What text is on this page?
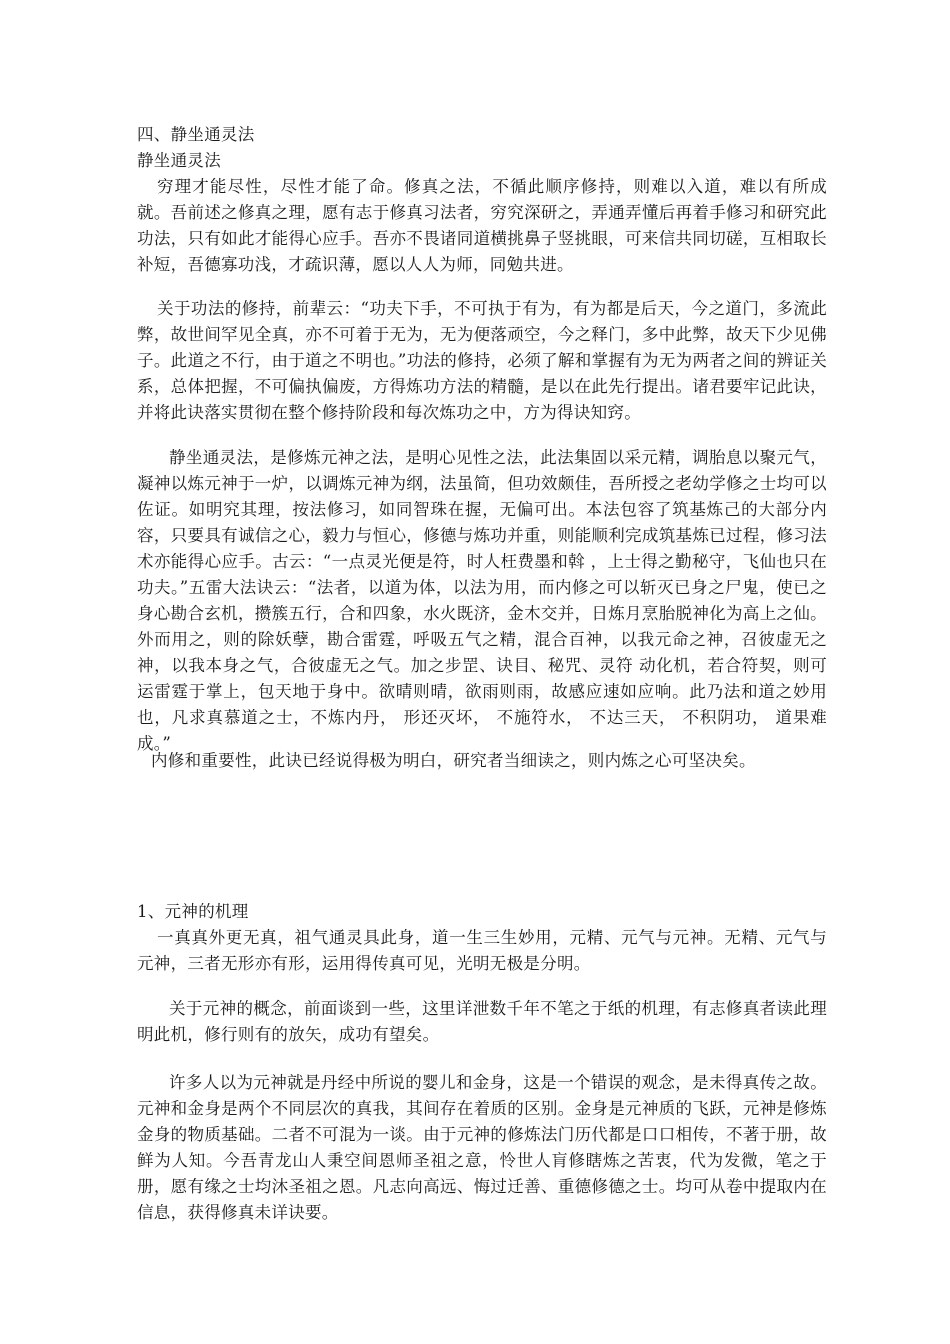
四、静坐通灵法

静坐通灵法

穷理才能尽性，尽性才能了命。修真之法，不循此顺序修持，则难以入道，难以有所成就。吾前述之修真之理，愿有志于修真习法者，穷究深研之，弄通弄懂后再着手修习和研究此功法，只有如此才能得心应手。吾亦不畏诸同道横挑鼻子竖挑眼，可来信共同切磋，互相取长补短，吾德寡功浅，才疏识薄，愿以人人为师，同勉共进。

关于功法的修持，前辈云：“功夫下手，不可执于有为，有为都是后天，今之道门，多流此弊，故世间罕见全真，亦不可着于无为，无为便落顽空，今之释门，多中此弊，故天下少见佛子。此道之不行，由于道之不明也。”功法的修持，必须了解和掌握有为无为两者之间的辨证关系，总体把握，不可偏执偏废，方得炼功方法的精髓，是以在此先行提出。诸君要牢记此诀，并将此诀落实贯彻在整个修持阶段和每次炼功之中，方为得诀知窍。

静坐通灵法，是修炼元神之法，是明心见性之法，此法集固以采元精，调胎息以聚元气，凝神以炼元神于一炉，以调炼元神为纲，法虽简，但功效颇佳，吾所授之老幼学修之士均可以佐证。如明究其理，按法修习，如同智珠在握，无偏可出。本法包容了筑基炼己的大部分内容，只要具有诚信之心，毅力与恒心，修德与炼功并重，则能顺利完成筑基炼已过程，修习法术亦能得心应手。古云：“一点灵光便是符，时人枉费墨和斡 ，上士得之勤秘守，飞仙也只在功夫。”五雷大法诀云：“法者，以道为体，以法为用，而内修之可以斩灭已身之尸鬼，使已之身心勘合玄机，攒簇五行，合和四象，水火既济，金木交并，日炼月烹胎脱神化为高上之仙。外而用之，则的除妖孽，勘合雷霆，呼吸五气之精，混合百神，以我元命之神，召彼虚无之神，以我本身之气，合彼虚无之气。加之步罡、诀目、秘咒、灵符 动化机，若合符契，则可运雷霆于掌上，包天地于身中。欲晴则晴，欲雨则雨，故感应速如应响。此乃法和道之妙用也，凡求真慕道之士，不炼内丹， 形还灭坏， 不施符水， 不达三天， 不积阴功， 道果难成。”

内修和重要性，此诀已经说得极为明白，研究者当细读之，则内炼之心可坚决矣。

1、元神的机理

一真真外更无真，祖气通灵具此身，道一生三生妙用，元精、元气与元神。无精、元气与元神，三者无形亦有形，运用得传真可见，光明无极是分明。

关于元神的概念，前面谈到一些，这里详泄数千年不笔之于纸的机理，有志修真者读此理明此机，修行则有的放矢，成功有望矣。

许多人以为元神就是丹经中所说的婴儿和金身，这是一个错误的观念，是未得真传之故。元神和金身是两个不同层次的真我，其间存在着质的区别。金身是元神质的飞跃，元神是修炼金身的物质基础。二者不可混为一谈。由于元神的修炼法门历代都是口口相传，不著于册，故鲜为人知。今吾青龙山人秉空间恩师圣祖之意，怜世人肓修瞎炼之苦衷，代为发微，笔之于册，愿有缘之士均沐圣祖之恩。凡志向高远、悔过迁善、重德修德之士。均可从卷中提取内在信息，获得修真未详诀要。
